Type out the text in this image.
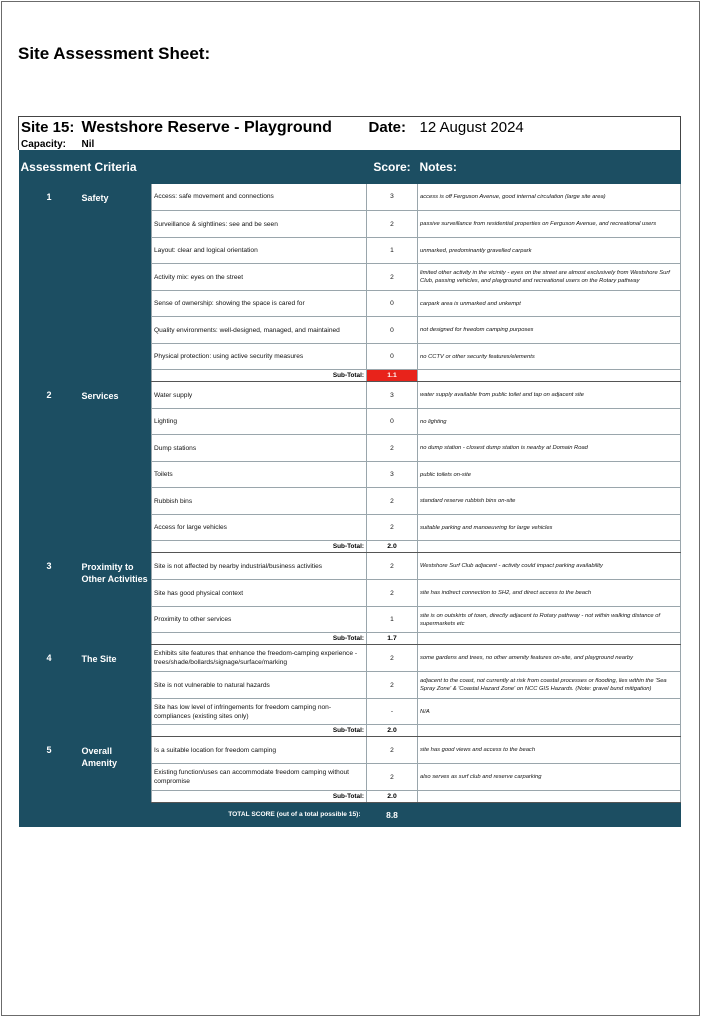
Site Assessment Sheet:
Site 15:	Westshore Reserve - Playground		Date:	12 August 2024
Capacity:	Nil			
Assessment Criteria			Score:	Notes:
1	Safety	Access: safe movement and connections	3	access is off Ferguson Avenue, good internal circulation (large site area)
		Surveillance & sightlines: see and be seen	2	passive surveillance from residential properties on Ferguson Avenue, and recreational users
		Layout: clear and logical orientation	1	unmarked, predominantly gravelled carpark
		Activity mix: eyes on the street	2	limited other activity in the vicinity - eyes on the street are almost exclusively from Westshore Surf Club, passing vehicles, and playground and recreational users on the Rotary pathway
		Sense of ownership: showing the space is cared for	0	carpark area is unmarked and unkempt
		Quality environments: well-designed, managed, and maintained	0	not designed for freedom camping purposes
		Physical protection: using active security measures	0	no CCTV or other security features/elements
		Sub-Total:	1.1	
2	Services	Water supply	3	water supply available from public toilet and tap on adjacent site
		Lighting	0	no lighting
		Dump stations	2	no dump station - closest dump station is nearby at Domain Road
		Toilets	3	public toilets on-site
		Rubbish bins	2	standard reserve rubbish bins on-site
		Access for large vehicles	2	suitable parking and manoeuvring for large vehicles
		Sub-Total:	2.0	
3	Proximity to Other Activities	Site is not affected by nearby industrial/business activities	2	Westshore Surf Club adjacent - activity could impact parking availability
		Site has good physical context	2	site has indirect connection to SH2, and direct access to the beach
		Proximity to other services	1	site is on outskirts of town, directly adjacent to Rotary pathway - not within walking distance of supermarkets etc
		Sub-Total:	1.7	
4	The Site	Exhibits site features that enhance the freedom-camping experience - trees/shade/bollards/signage/surface/marking	2	some gardens and trees, no other amenity features on-site, and playground nearby
		Site is not vulnerable to natural hazards	2	adjacent to the coast, not currently at risk from coastal processes or flooding, lies within the 'Sea Spray Zone' & 'Coastal Hazard Zone' on NCC GIS Hazards. (Note: gravel bund mitigation)
		Site has low level of infringements for freedom camping non-compliances (existing sites only)	-	N/A
		Sub-Total:	2.0	
5	Overall Amenity	Is a suitable location for freedom camping	2	site has good views and access to the beach
		Existing function/uses can accommodate freedom camping without compromise	2	also serves as surf club and reserve carparking
		Sub-Total:	2.0	
		TOTAL SCORE (out of a total possible 15):	8.8	
